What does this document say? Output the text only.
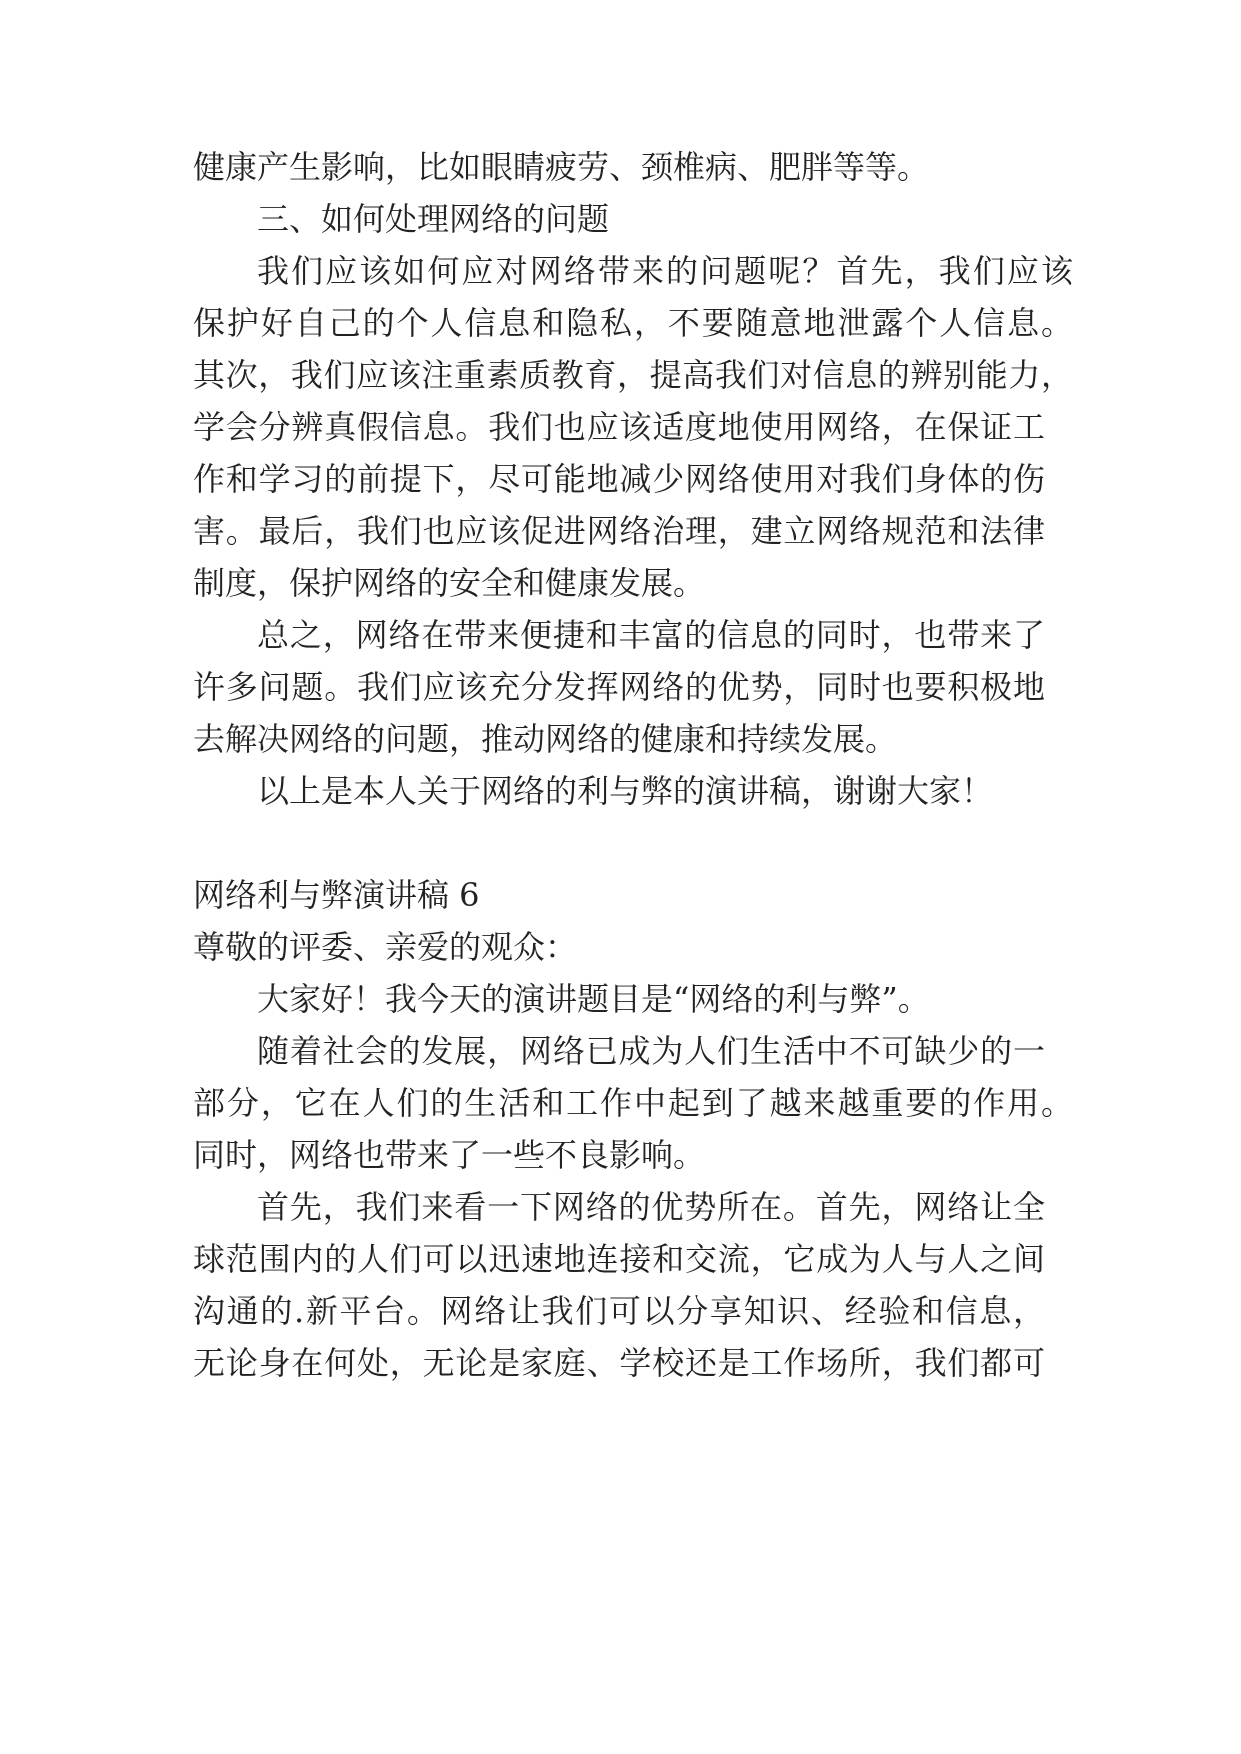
健康产生影响，比如眼睛疲劳、颈椎病、肥胖等等。
三、如何处理网络的问题
我们应该如何应对网络带来的问题呢？首先，我们应该
保护好自己的个人信息和隐私，不要随意地泄露个人信息。
其次，我们应该注重素质教育，提高我们对信息的辨别能力，
学会分辨真假信息。我们也应该适度地使用网络，在保证工
作和学习的前提下，尽可能地减少网络使用对我们身体的伤
害。最后，我们也应该促进网络治理，建立网络规范和法律
制度，保护网络的安全和健康发展。
总之，网络在带来便捷和丰富的信息的同时，也带来了
许多问题。我们应该充分发挥网络的优势，同时也要积极地
去解决网络的问题，推动网络的健康和持续发展。
以上是本人关于网络的利与弊的演讲稿，谢谢大家！
网络利与弊演讲稿 6
尊敬的评委、亲爱的观众：
大家好！我今天的演讲题目是“网络的利与弊”。
随着社会的发展，网络已成为人们生活中不可缺少的一
部分，它在人们的生活和工作中起到了越来越重要的作用。
同时，网络也带来了一些不良影响。
首先，我们来看一下网络的优势所在。首先，网络让全
球范围内的人们可以迅速地连接和交流，它成为人与人之间
沟通的.新平台。网络让我们可以分享知识、经验和信息，
无论身在何处，无论是家庭、学校还是工作场所，我们都可
